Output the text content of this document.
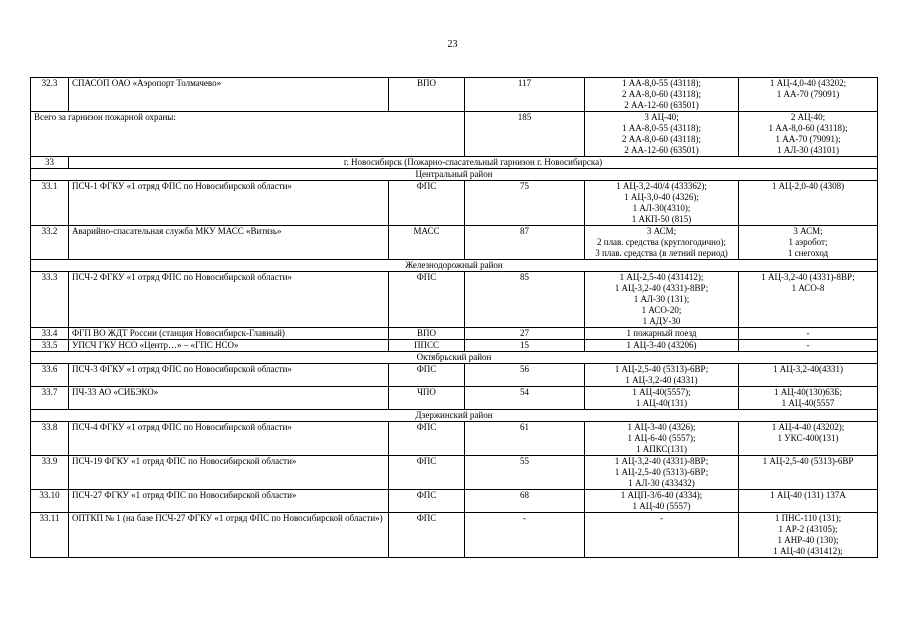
23
32.3	СПАСОП ОАО «Аэропорт Толмачево»	ВПО	117	1 АА-8,0-55 (43118);
2 АА-8,0-60 (43118);
2 АА-12-60 (63501)	1 АЦ-4,0-40 (43202;
1 АА-70 (79091)

Всего за гарнизон пожарной охраны:			185	3 АЦ-40;
1 АА-8,0-55 (43118);
2 АА-8,0-60 (43118);
2 АА-12-60 (63501)	2 АЦ-40;
1 АА-8,0-60 (43118);
1 АА-70 (79091);
1 АЛ-30 (43101)

33	г. Новосибирск (Пожарно-спасательный гарнизон г. Новосибирска)				
Центральный район					
33.1	ПСЧ-1 ФГКУ «1 отряд ФПС по Новосибирской области»	ФПС	75	1 АЦ-3,2-40/4 (433362);
1 АЦ-3,0-40 (4326);
1 АЛ-30(4310);
1 АКП-50 (815)	1 АЦ-2,0-40 (4308)

33.2	Аварийно-спасательная служба МКУ МАСС «Витязь»	МАСС	87	3 АСМ;
2 плав. средства (круглогодично);
3 плав. средства (в летний период)	3 АСМ;
1 аэробот;
1 снегоход

Железнодорожный район					
33.3	ПСЧ-2 ФГКУ «1 отряд ФПС по Новосибирской области»	ФПС	85	1 АЦ-2,5-40 (431412);
1 АЦ-3,2-40 (4331)-8ВР;
1 АЛ-30 (131);
1 АСО-20;
1 АДУ-30	1 АЦ-3,2-40 (4331)-8ВР;
1 АСО-8

33.4	ФГП ВО ЖДТ России (станция Новосибирск-Главный)	ВПО	27	1 пожарный поезд	-

33.5	УПСЧ ГКУ НСО «Центр…» – «ГПС НСО»	ППСС	15	1 АЦ-3-40 (43206)	-

Октябрьский район					
33.6	ПСЧ-3 ФГКУ «1 отряд ФПС по Новосибирской области»	ФПС	56	1 АЦ-2,5-40 (5313)-6ВР;
1 АЦ-3,2-40 (4331)	1 АЦ-3,2-40(4331)

33.7	ПЧ-33 АО «СИБЭКО»	ЧПО	54	1 АЦ-40(5557);
1 АЦ-40(131)	1 АЦ-40(130)63Б;
1 АЦ-40(5557

Дзержинский район					
33.8	ПСЧ-4 ФГКУ «1 отряд ФПС по Новосибирской области»	ФПС	61	1 АЦ-3-40 (4326);
1 АЦ-6-40 (5557);
1 АПКС(131)	1 АЦ-4-40 (43202);
1 УКС-400(131)

33.9	ПСЧ-19 ФГКУ «1 отряд ФПС по Новосибирской области»	ФПС	55	1 АЦ-3,2-40 (4331)-8ВР;
1 АЦ-2,5-40 (5313)-6ВР;
1 АЛ-30 (433432)	1 АЦ-2,5-40 (5313)-6ВР

33.10	ПСЧ-27 ФГКУ «1 отряд ФПС по Новосибирской области»	ФПС	68	1 АЦП-3/6-40 (4334);
1 АЦ-40 (5557)	1 АЦ-40 (131) 137А

33.11	ОПТКП № 1 (на базе ПСЧ-27 ФГКУ «1 отряд ФПС по Новосибирской области»)	ФПС	-	-	1 ПНС-110 (131);
1 АР-2 (43105);
1 АНР-40 (130);
1 АЦ-40 (431412);
